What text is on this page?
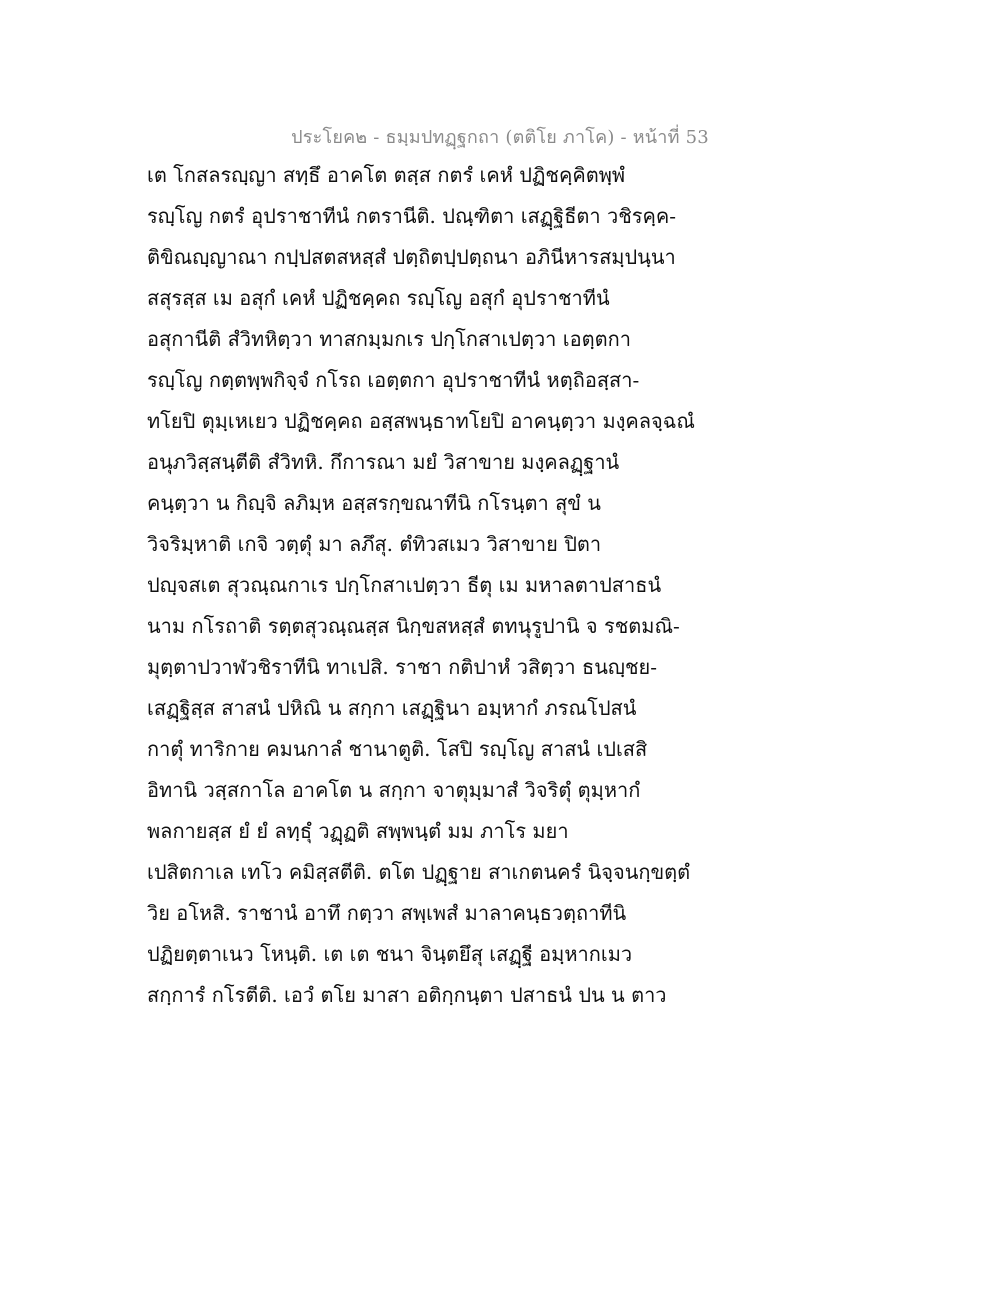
ประโยค๒ - ธมฺมปทฏฺฐกถา (ตติโย ภาโค) - หน้าที่ 53
เต โกสลรญฺญา สทฺธึ อาคโต ตสฺส กตรํ เคหํ ปฏิชคฺคิตพฺพํ
รญฺโญ กตรํ อุปราชาทีนํ กตรานีติ. ปณฺฑิตา เสฏฺฐิธีตา วชิรคฺค-
ติขิณญฺญาณา กปฺปสตสหสฺสํ ปตฺถิตปฺปตฺถนา อภินีหารสมฺปนฺนา
สสุรสฺส เม อสุกํ เคหํ ปฏิชคฺคถ รญฺโญ อสุกํ อุปราชาทีนํ
อสุกานีติ สํวิทหิตฺวา ทาสกมฺมกเร ปกฺโกสาเปตฺวา เอตฺตกา
รญฺโญ กตฺตพฺพกิจฺจํ กโรถ เอตฺตกา อุปราชาทีนํ หตฺถิอสฺสา-
ทโยปิ ตุมฺเหเยว ปฏิชคฺคถ อสฺสพนฺธาทโยปิ อาคนฺตฺวา มงฺคลจฺฉณํ
อนุภวิสฺสนฺตีติ สํวิทหิ. กึการณา มยํ วิสาขาย มงฺคลฏฺฐานํ
คนฺตฺวา น กิญฺจิ ลภิมฺห อสฺสรกฺขณาทีนิ กโรนฺตา สุขํ น
วิจริมฺหาติ เกจิ วตฺตุํ มา ลภึสุ. ตํทิวสเมว วิสาขาย ปิตา
ปญฺจสเต สุวณฺณกาเร ปกฺโกสาเปตฺวา ธีตุ เม มหาลตาปสาธนํ
นาม กโรถาติ รตฺตสุวณฺณสฺส นิกฺขสหสฺสํ ตทนุรูปานิ จ รชตมณิ-
มุตฺตาปวาฬวชิราทีนิ ทาเปสิ. ราชา กติปาหํ วสิตฺวา ธนญฺชย-
เสฏฺฐิสฺส สาสนํ ปหิณิ น สกฺกา เสฏฺฐินา อมฺหากํ ภรณโปสนํ
กาตุํ ทาริกาย คมนกาลํ ชานาตูติ. โสปิ รญฺโญ สาสนํ เปเสสิ
อิทานิ วสฺสกาโล อาคโต น สกฺกา จาตุมฺมาสํ วิจริตุํ ตุมฺหากํ
พลกายสฺส ยํ ยํ ลทฺธุํ วฏฺฏติ สพฺพนฺตํ มม ภาโร มยา
เปสิตกาเล เทโว คมิสฺสตีติ. ตโต ปฏฺฐาย สาเกตนครํ นิจฺจนกฺขตฺตํ
วิย อโหสิ. ราชานํ อาทึ กตฺวา สพฺเพสํ มาลาคนฺธวตฺถาทีนิ
ปฏิยตฺตาเนว โหนฺติ. เต เต ชนา จินฺตยึสุ เสฏฺฐี อมฺหากเมว
สกฺการํ กโรตีติ. เอวํ ตโย มาสา อติกฺกนฺตา ปสาธนํ ปน น ตาว
